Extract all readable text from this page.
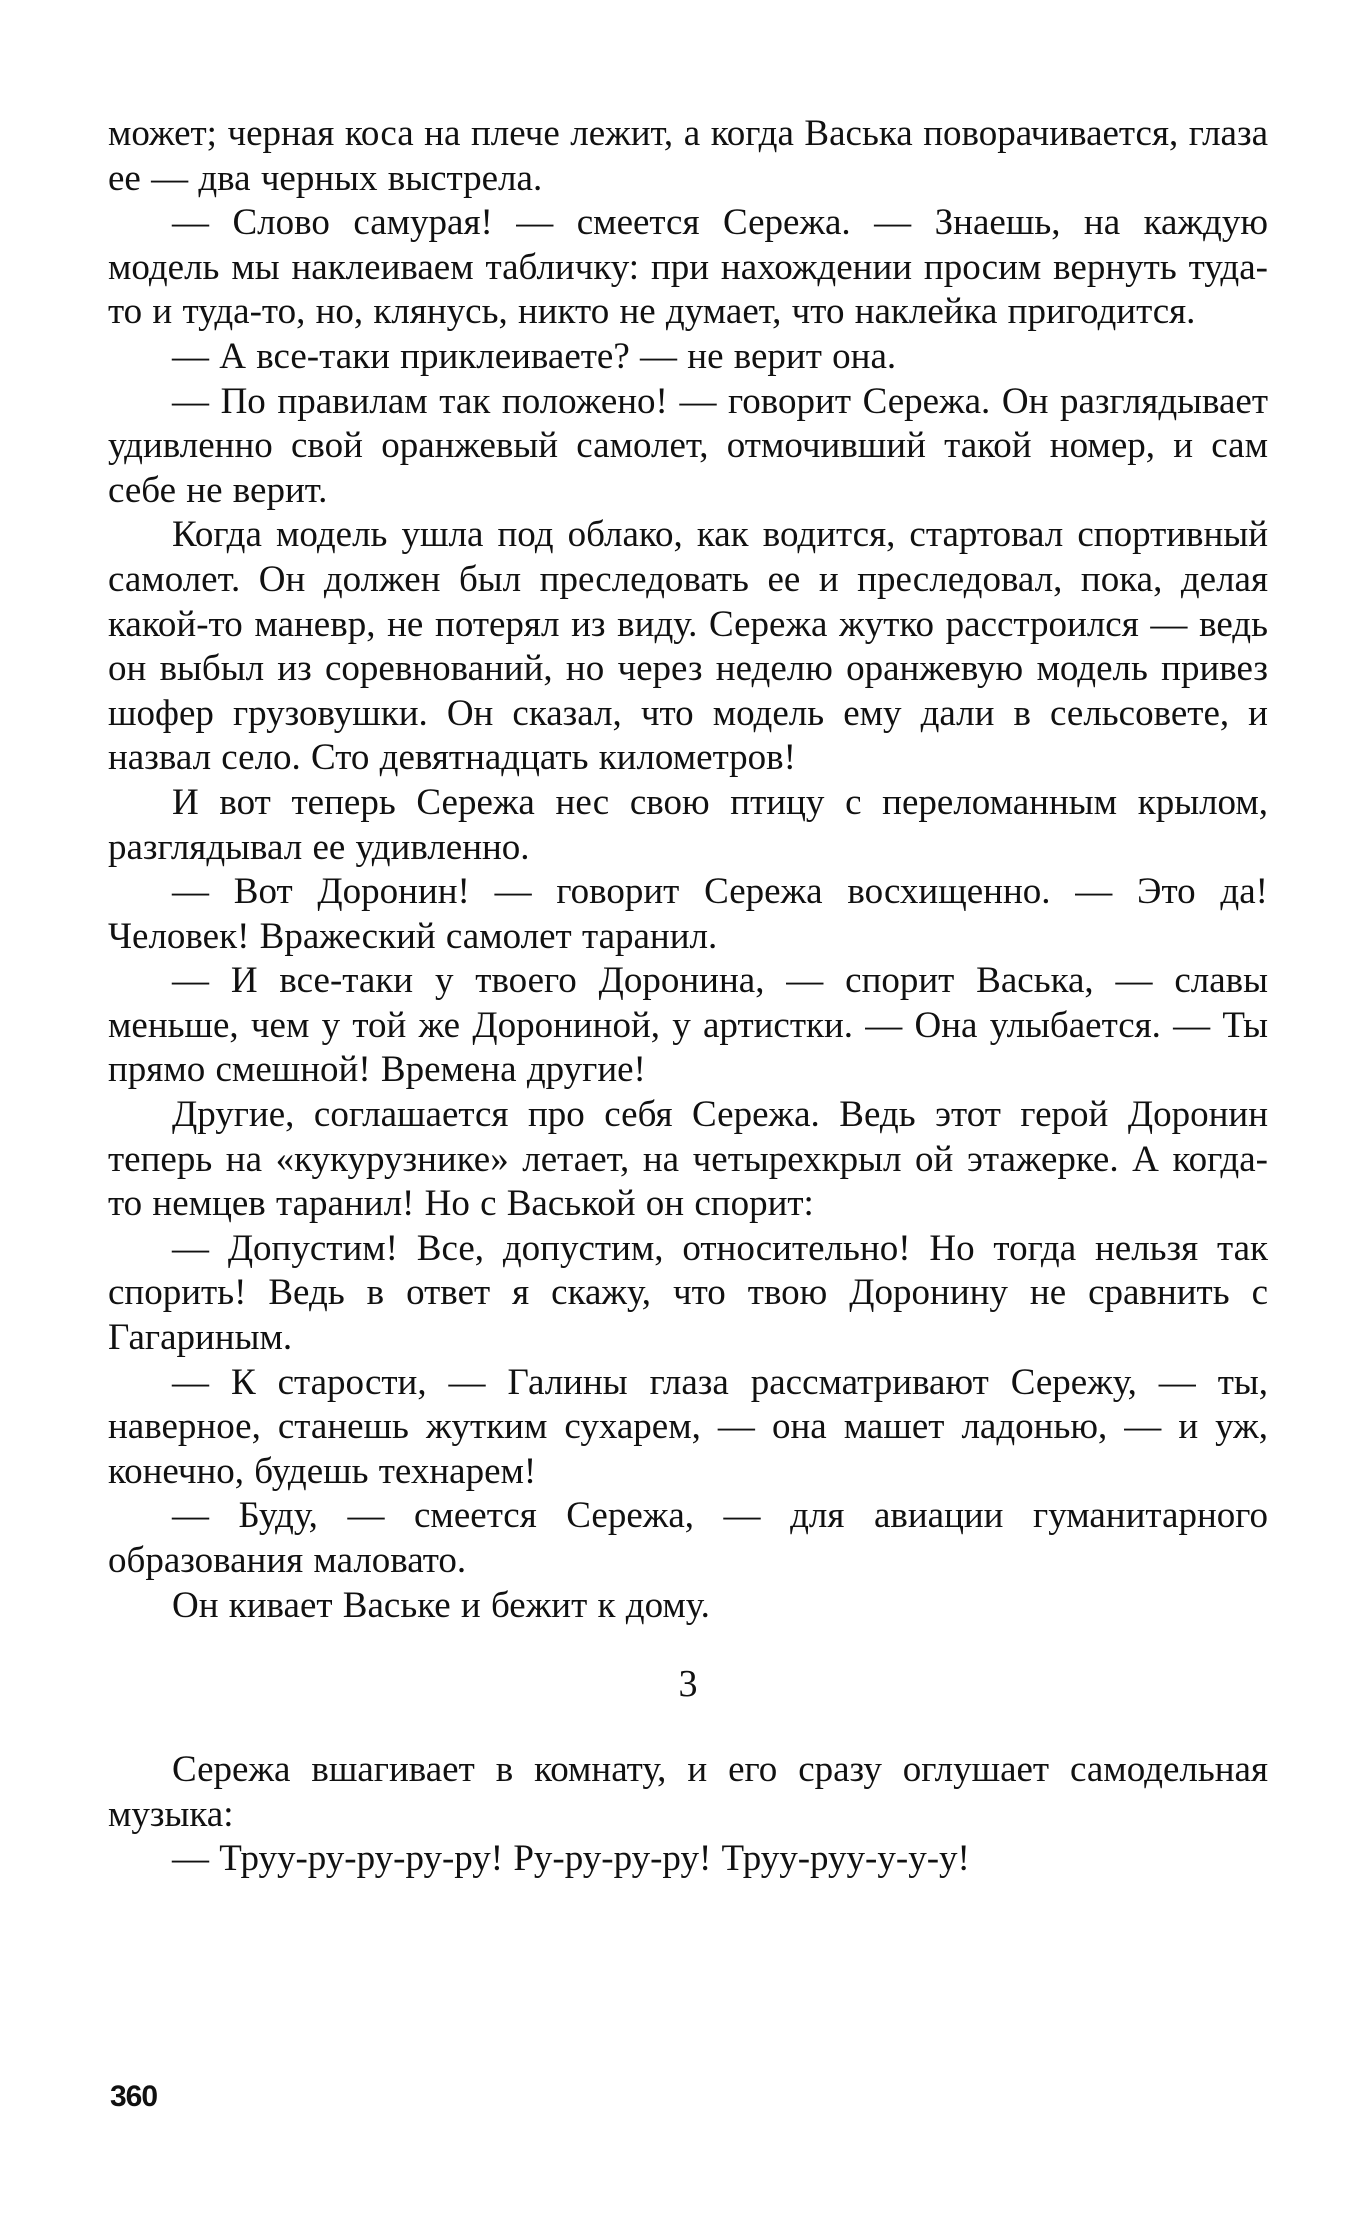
может; черная коса на плече лежит, а когда Васька поворачивается, глаза ее — два черных выстрела.

— Слово самурая! — смеется Сережа. — Знаешь, на каждую модель мы наклеиваем табличку: при нахождении просим вернуть туда-то и туда-то, но, клянусь, никто не думает, что наклейка пригодится.

— А все-таки приклеиваете? — не верит она.

— По правилам так положено! — говорит Сережа. Он разглядывает удивленно свой оранжевый самолет, отмочивший такой номер, и сам себе не верит.

Когда модель ушла под облако, как водится, стартовал спортивный самолет. Он должен был преследовать ее и преследовал, пока, делая какой-то маневр, не потерял из виду. Сережа жутко расстроился — ведь он выбыл из соревнований, но через неделю оранжевую модель привез шофер грузовушки. Он сказал, что модель ему дали в сельсовете, и назвал село. Сто девятнадцать километров!

И вот теперь Сережа нес свою птицу с переломанным крылом, разглядывал ее удивленно.

— Вот Доронин! — говорит Сережа восхищенно. — Это да! Человек! Вражеский самолет таранил.

— И все-таки у твоего Доронина, — спорит Васька, — славы меньше, чем у той же Дорониной, у артистки. — Она улыбается. — Ты прямо смешной! Времена другие!

Другие, соглашается про себя Сережа. Ведь этот герой Доронин теперь на «кукурузнике» летает, на четырехкрыл ой этажерке. А когда-то немцев таранил! Но с Васькой он спорит:

— Допустим! Все, допустим, относительно! Но тогда нельзя так спорить! Ведь в ответ я скажу, что твою Доронину не сравнить с Гагариным.

— К старости, — Галины глаза рассматривают Сережу, — ты, наверное, станешь жутким сухарем, — она машет ладонью, — и уж, конечно, будешь технарем!

— Буду, — смеется Сережа, — для авиации гуманитарного образования маловато.

Он кивает Ваське и бежит к дому.

3

Сережа вшагивает в комнату, и его сразу оглушает самодельная музыка:

— Труу-ру-ру-ру-ру! Ру-ру-ру-ру! Труу-руу-у-у-у!

360
